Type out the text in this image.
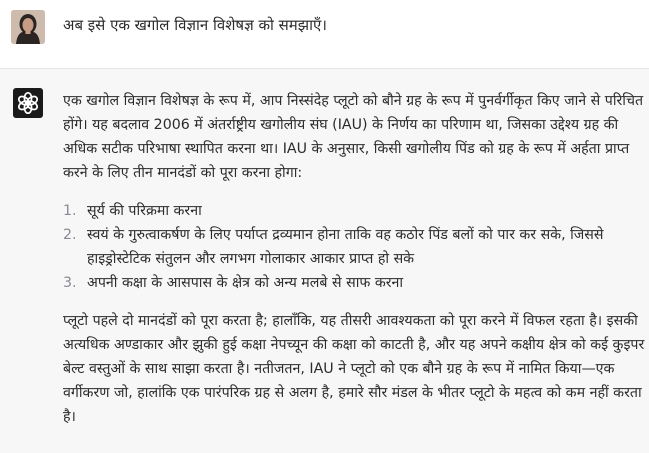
अब इसे एक खगोल विज्ञान विशेषज्ञ को समझाएँ।

एक खगोल विज्ञान विशेषज्ञ के रूप में, आप निस्संदेह प्लूटो को बौने ग्रह के रूप में पुनर्वर्गीकृत किए जाने से परिचित होंगे। यह बदलाव 2006 में अंतर्राष्ट्रीय खगोलीय संघ (IAU) के निर्णय का परिणाम था, जिसका उद्देश्य ग्रह की अधिक सटीक परिभाषा स्थापित करना था। IAU के अनुसार, किसी खगोलीय पिंड को ग्रह के रूप में अर्हता प्राप्त करने के लिए तीन मानदंडों को पूरा करना होगा:

1. सूर्य की परिक्रमा करना
2. स्वयं के गुरुत्वाकर्षण के लिए पर्याप्त द्रव्यमान होना ताकि वह कठोर पिंड बलों को पार कर सके, जिससे हाइड्रोस्टेटिक संतुलन और लगभग गोलाकार आकार प्राप्त हो सके
3. अपनी कक्षा के आसपास के क्षेत्र को अन्य मलबे से साफ करना

प्लूटो पहले दो मानदंडों को पूरा करता है; हालाँकि, यह तीसरी आवश्यकता को पूरा करने में विफल रहता है। इसकी अत्यधिक अण्डाकार और झुकी हुई कक्षा नेपच्यून की कक्षा को काटती है, और यह अपने कक्षीय क्षेत्र को कई कुइपर बेल्ट वस्तुओं के साथ साझा करता है। नतीजतन, IAU ने प्लूटो को एक बौने ग्रह के रूप में नामित किया—एक वर्गीकरण जो, हालांकि एक पारंपरिक ग्रह से अलग है, हमारे सौर मंडल के भीतर प्लूटो के महत्व को कम नहीं करता है।
